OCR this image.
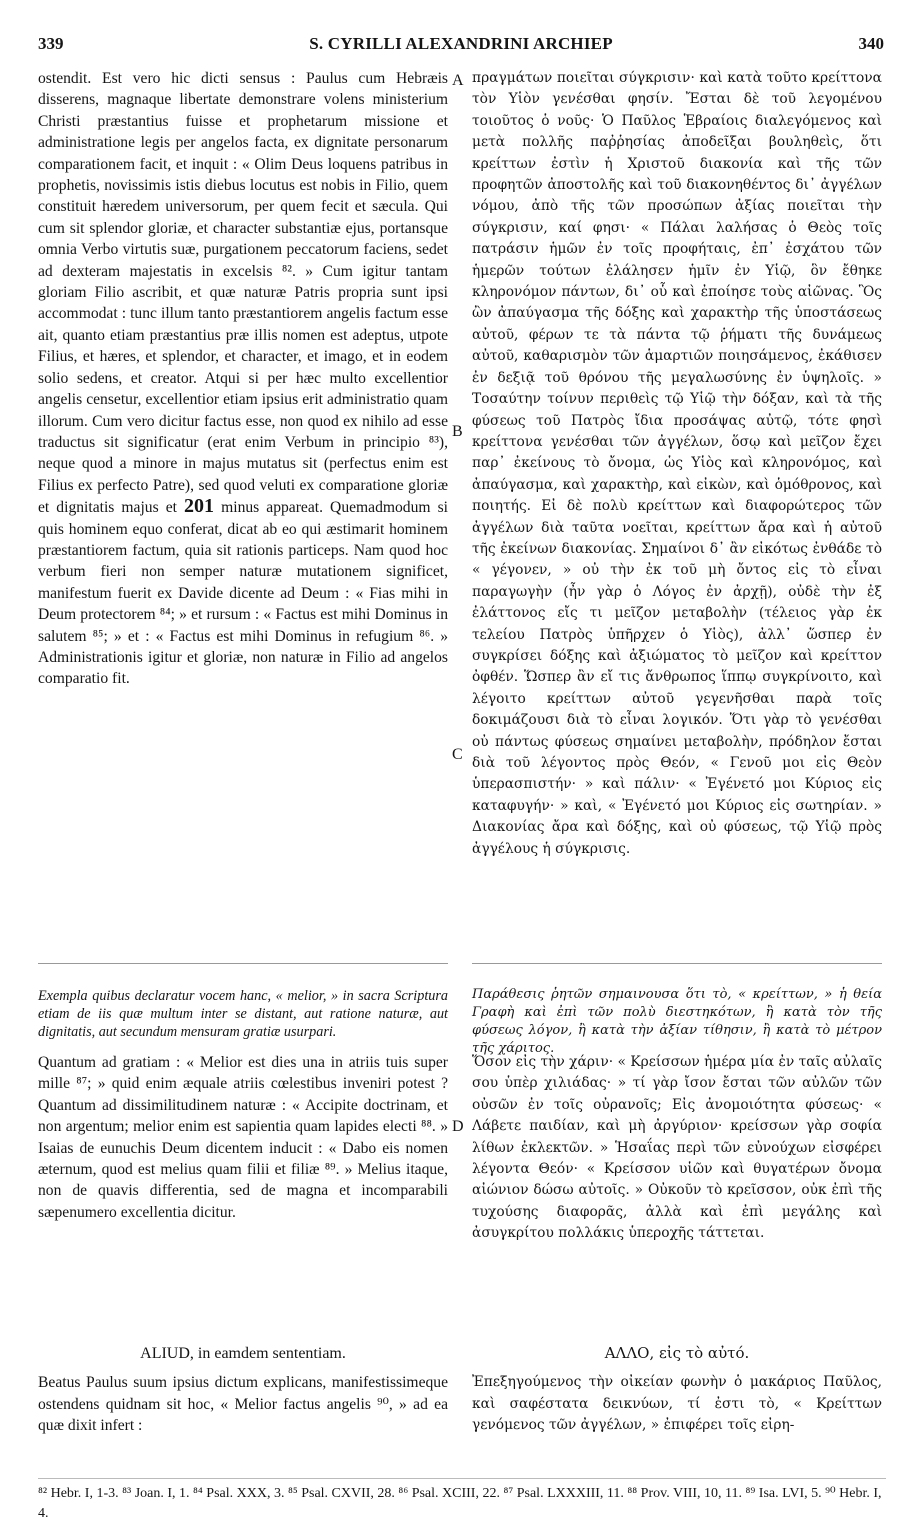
339	S. CYRILLI ALEXANDRINI ARCHIEP	340

ostendit. Est vero hic dicti sensus : Paulus cum Hebræis disserens, magnaque libertate demonstrare volens ministerium Christi præstantius fuisse et prophetarum missione et administratione legis per angelos facta, ex dignitate personarum comparationem facit, et inquit : « Olim Deus loquens patribus in prophetis, novissimis istis diebus locutus est nobis in Filio, quem constituit hæredem universorum, per quem fecit et sæcula. Qui cum sit splendor gloriæ, et character substantiæ ejus, portansque omnia Verbo virtutis suæ, purgationem peccatorum faciens, sedet ad dexteram majestatis in excelsis ⁸². » Cum igitur tantam gloriam Filio ascribit, et quæ naturæ Patris propria sunt ipsi accommodat : tunc illum tanto præstantiorem angelis factum esse ait, quanto etiam præstantius præ illis nomen est adeptus, utpote Filius, et hæres, et splendor, et character, et imago, et in eodem solio sedens, et creator. Atqui si per hæc multo excellentior angelis censetur, excellentior etiam ipsius erit administratio quam illorum. Cum vero dicitur factus esse, non quod ex nihilo ad esse traductus sit significatur (erat enim Verbum in principio ⁸³), neque quod a minore in majus mutatus sit (perfectus enim est Filius ex perfecto Patre), sed quod veluti ex comparatione gloriæ et dignitatis majus et 201 minus appareat. Quemadmodum si quis hominem equo conferat, dicat ab eo qui æstimarit hominem præstantiorem factum, quia sit rationis particeps. Nam quod hoc verbum fieri non semper naturæ mutationem significet, manifestum fuerit ex Davide dicente ad Deum : « Fias mihi in Deum protectorem ⁸⁴; » et rursum : « Factus est mihi Dominus in salutem ⁸⁵; » et : « Factus est mihi Dominus in refugium ⁸⁶. » Administrationis igitur et gloriæ, non naturæ in Filio ad angelos comparatio fit.

πραγμάτων ποιεῖται σύγκρισιν· καὶ κατὰ τοῦτο κρείττονα τὸν Υἱὸν γενέσθαι φησίν. Ἔσται δὲ τοῦ λεγομένου τοιοῦτος ὁ νοῦς· Ὁ Παῦλος Ἑβραίοις διαλεγόμενος καὶ μετὰ πολλῆς παῤῥησίας ἀποδεῖξαι βουληθεὶς, ὅτι κρείττων ἐστὶν ἡ Χριστοῦ διακονία καὶ τῆς τῶν προφητῶν ἀποστολῆς καὶ τοῦ διακονηθέντος δι᾽ ἀγγέλων νόμου, ἀπὸ τῆς τῶν προσώπων ἀξίας ποιεῖται τὴν σύγκρισιν, καί φησι· « Πάλαι λαλήσας ὁ Θεὸς τοῖς πατράσιν ἡμῶν ἐν τοῖς προφήταις, ἐπ᾽ ἐσχάτου τῶν ἡμερῶν τούτων ἐλάλησεν ἡμῖν ἐν Υἱῷ, ὃν ἔθηκε κληρονόμον πάντων, δι᾽ οὗ καὶ ἐποίησε τοὺς αἰῶνας. Ὃς ὢν ἀπαύγασμα τῆς δόξης καὶ χαρακτὴρ τῆς ὑποστάσεως αὐτοῦ, φέρων τε τὰ πάντα τῷ ῥήματι τῆς δυνάμεως αὐτοῦ, καθαρισμὸν τῶν ἁμαρτιῶν ποιησάμενος, ἐκάθισεν ἐν δεξιᾷ τοῦ θρόνου τῆς μεγαλωσύνης ἐν ὑψηλοῖς. » Τοσαύτην τοίνυν περιθεὶς τῷ Υἱῷ τὴν δόξαν, καὶ τὰ τῆς φύσεως τοῦ Πατρὸς ἴδια προσάψας αὐτῷ, τότε φησὶ κρείττονα γενέσθαι τῶν ἀγγέλων, ὅσῳ καὶ μεῖζον ἔχει παρ᾽ ἐκείνους τὸ ὄνομα, ὡς Υἱὸς καὶ κληρονόμος, καὶ ἀπαύγασμα, καὶ χαρακτὴρ, καὶ εἰκὼν, καὶ ὁμόθρονος, καὶ ποιητής. Εἰ δὲ πολὺ κρείττων καὶ διαφορώτερος τῶν ἀγγέλων διὰ ταῦτα νοεῖται, κρείττων ἄρα καὶ ἡ αὐτοῦ τῆς ἐκείνων διακονίας. Σημαίνοι δ᾽ ἂν εἰκότως ἐνθάδε τὸ « γέγονεν, » οὐ τὴν ἐκ τοῦ μὴ ὄντος εἰς τὸ εἶναι παραγωγὴν (ἦν γὰρ ὁ Λόγος ἐν ἀρχῇ), οὐδὲ τὴν ἐξ ἐλάττονος εἴς τι μεῖζον μεταβολὴν (τέλειος γὰρ ἐκ τελείου Πατρὸς ὑπῆρχεν ὁ Υἱὸς), ἀλλ᾽ ὥσπερ ἐν συγκρίσει δόξης καὶ ἀξιώματος τὸ μεῖζον καὶ κρείττον ὀφθέν. Ὥσπερ ἂν εἴ τις ἄνθρωπος ἵππῳ συγκρίνοιτο, καὶ λέγοιτο κρείττων αὐτοῦ γεγενῆσθαι παρὰ τοῖς δοκιμάζουσι διὰ τὸ εἶναι λογικόν. Ὅτι γὰρ τὸ γενέσθαι οὐ πάντως φύσεως σημαίνει μεταβολὴν, πρόδηλον ἔσται διὰ τοῦ λέγοντος πρὸς Θεόν, « Γενοῦ μοι εἰς Θεὸν ὑπερασπιστήν· » καὶ πάλιν· « Ἐγένετό μοι Κύριος εἰς καταφυγήν· » καὶ, « Ἐγένετό μοι Κύριος εἰς σωτηρίαν. » Διακονίας ἄρα καὶ δόξης, καὶ οὐ φύσεως, τῷ Υἱῷ πρὸς ἀγγέλους ἡ σύγκρισις.

A
B
C
D

Exempla quibus declaratur vocem hanc, « melior, » in sacra Scriptura etiam de iis quæ multum inter se distant, aut ratione naturæ, aut dignitatis, aut secundum mensuram gratiæ usurpari.

Παράθεσις ῥητῶν σημαινουσα ὅτι τὸ, « κρείττων, » ἡ θεία Γραφὴ καὶ ἐπὶ τῶν πολὺ διεστηκότων, ἢ κατὰ τὸν τῆς φύσεως λόγον, ἢ κατὰ τὴν ἀξίαν τίθησιν, ἢ κατὰ τὸ μέτρον τῆς χάριτος.

Quantum ad gratiam : « Melior est dies una in atriis tuis super mille ⁸⁷; » quid enim æquale atriis cœlestibus inveniri potest ? Quantum ad dissimilitudinem naturæ : « Accipite doctrinam, et non argentum; melior enim est sapientia quam lapides electi ⁸⁸. » Isaias de eunuchis Deum dicentem inducit : « Dabo eis nomen æternum, quod est melius quam filii et filiæ ⁸⁹. » Melius itaque, non de quavis differentia, sed de magna et incomparabili sæpenumero excellentia dicitur.

Ὅσον εἰς τὴν χάριν· « Κρείσσων ἡμέρα μία ἐν ταῖς αὐλαῖς σου ὑπὲρ χιλιάδας· » τί γὰρ ἴσον ἔσται τῶν αὐλῶν τῶν οὐσῶν ἐν τοῖς οὐρανοῖς; Εἰς ἀνομοιότητα φύσεως· « Λάβετε παιδίαν, καὶ μὴ ἀργύριον· κρείσσων γὰρ σοφία λίθων ἐκλεκτῶν. » Ἡσαΐας περὶ τῶν εὐνούχων εἰσφέρει λέγοντα Θεόν· « Κρείσσον υἱῶν καὶ θυγατέρων ὄνομα αἰώνιον δώσω αὐτοῖς. » Οὐκοῦν τὸ κρεῖσσον, οὐκ ἐπὶ τῆς τυχούσης διαφορᾶς, ἀλλὰ καὶ ἐπὶ μεγάλης καὶ ἀσυγκρίτου πολλάκις ὑπεροχῆς τάττεται.

ALIUD, in eamdem sententiam.

Beatus Paulus suum ipsius dictum explicans, manifestissimeque ostendens quidnam sit hoc, « Melior factus angelis ⁹⁰, » ad ea quæ dixit infert :

ΑΛΛΟ, εἰς τὸ αὐτό.

Ἐπεξηγούμενος τὴν οἰκείαν φωνὴν ὁ μακάριος Παῦλος, καὶ σαφέστατα δεικνύων, τί ἐστι τὸ, « Κρείττων γενόμενος τῶν ἀγγέλων, » ἐπιφέρει τοῖς εἰρη-

⁸² Hebr. I, 1-3. ⁸³ Joan. I, 1. ⁸⁴ Psal. XXX, 3. ⁸⁵ Psal. CXVII, 28. ⁸⁶ Psal. XCIII, 22. ⁸⁷ Psal. LXXXIII, 11. ⁸⁸ Prov. VIII, 10, 11. ⁸⁹ Isa. LVI, 5. ⁹⁰ Hebr. I, 4.
